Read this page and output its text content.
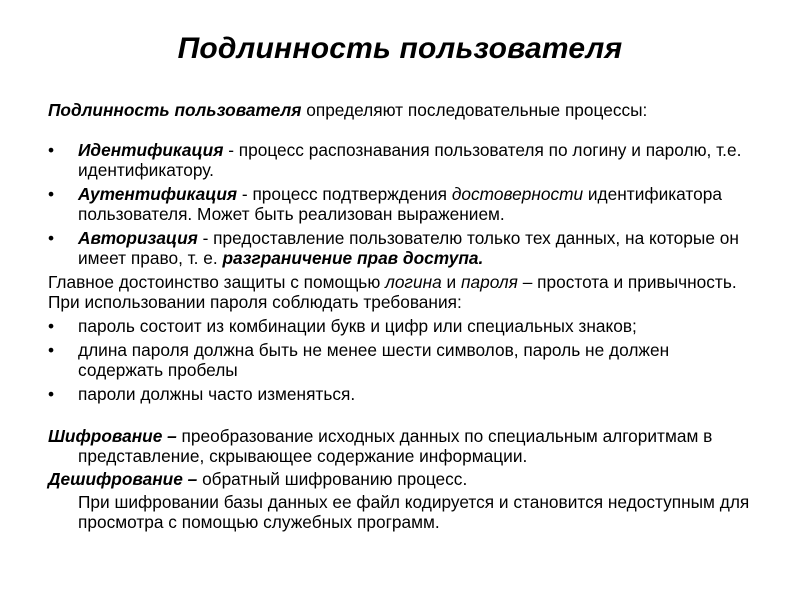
Подлинность пользователя

Подлинность пользователя определяют последовательные процессы:

• Идентификация - процесс распознавания пользователя по логину и паролю, т.е. идентификатору.
• Аутентификация - процесс подтверждения достоверности идентификатора пользователя. Может быть реализован выражением.
• Авторизация - предоставление пользователю только тех данных, на которые он имеет право, т. е. разграничение прав доступа.

Главное достоинство защиты с помощью логина и пароля – простота и привычность. При использовании пароля соблюдать требования:

• пароль состоит из комбинации букв и цифр или специальных знаков;
• длина пароля должна быть не менее шести символов, пароль не должен содержать пробелы
• пароли должны часто изменяться.

Шифрование – преобразование исходных данных по специальным алгоритмам в представление, скрывающее содержание информации.

Дешифрование – обратный шифрованию процесс.

При шифровании базы данных ее файл кодируется и становится недоступным для просмотра с помощью служебных программ.
